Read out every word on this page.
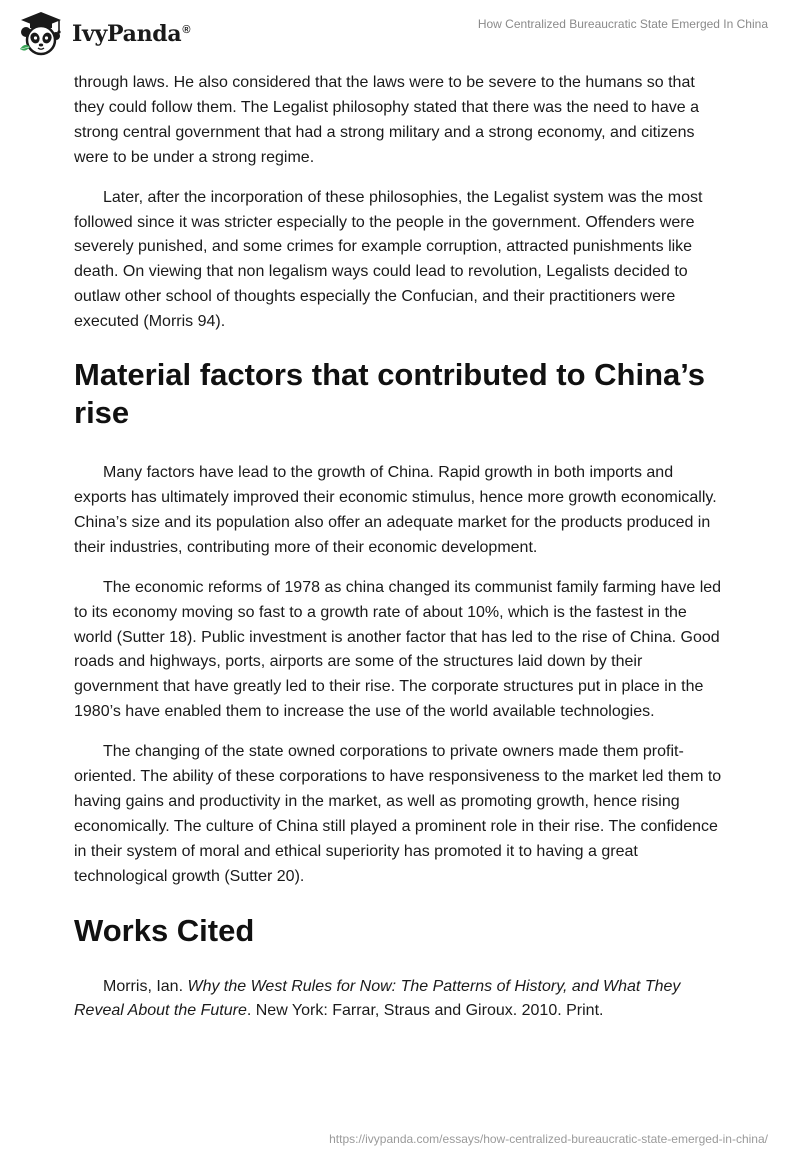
IvyPanda®	How Centralized Bureaucratic State Emerged In China

through laws. He also considered that the laws were to be severe to the humans so that they could follow them. The Legalist philosophy stated that there was the need to have a strong central government that had a strong military and a strong economy, and citizens were to be under a strong regime.

Later, after the incorporation of these philosophies, the Legalist system was the most followed since it was stricter especially to the people in the government. Offenders were severely punished, and some crimes for example corruption, attracted punishments like death. On viewing that non legalism ways could lead to revolution, Legalists decided to outlaw other school of thoughts especially the Confucian, and their practitioners were executed (Morris 94).

Material factors that contributed to China’s rise

Many factors have lead to the growth of China. Rapid growth in both imports and exports has ultimately improved their economic stimulus, hence more growth economically. China’s size and its population also offer an adequate market for the products produced in their industries, contributing more of their economic development.

The economic reforms of 1978 as china changed its communist family farming have led to its economy moving so fast to a growth rate of about 10%, which is the fastest in the world (Sutter 18). Public investment is another factor that has led to the rise of China. Good roads and highways, ports, airports are some of the structures laid down by their government that have greatly led to their rise. The corporate structures put in place in the 1980’s have enabled them to increase the use of the world available technologies.

The changing of the state owned corporations to private owners made them profit-oriented. The ability of these corporations to have responsiveness to the market led them to having gains and productivity in the market, as well as promoting growth, hence rising economically. The culture of China still played a prominent role in their rise. The confidence in their system of moral and ethical superiority has promoted it to having a great technological growth (Sutter 20).

Works Cited

Morris, Ian. Why the West Rules for Now: The Patterns of History, and What They Reveal About the Future. New York: Farrar, Straus and Giroux. 2010. Print.

https://ivypanda.com/essays/how-centralized-bureaucratic-state-emerged-in-china/
